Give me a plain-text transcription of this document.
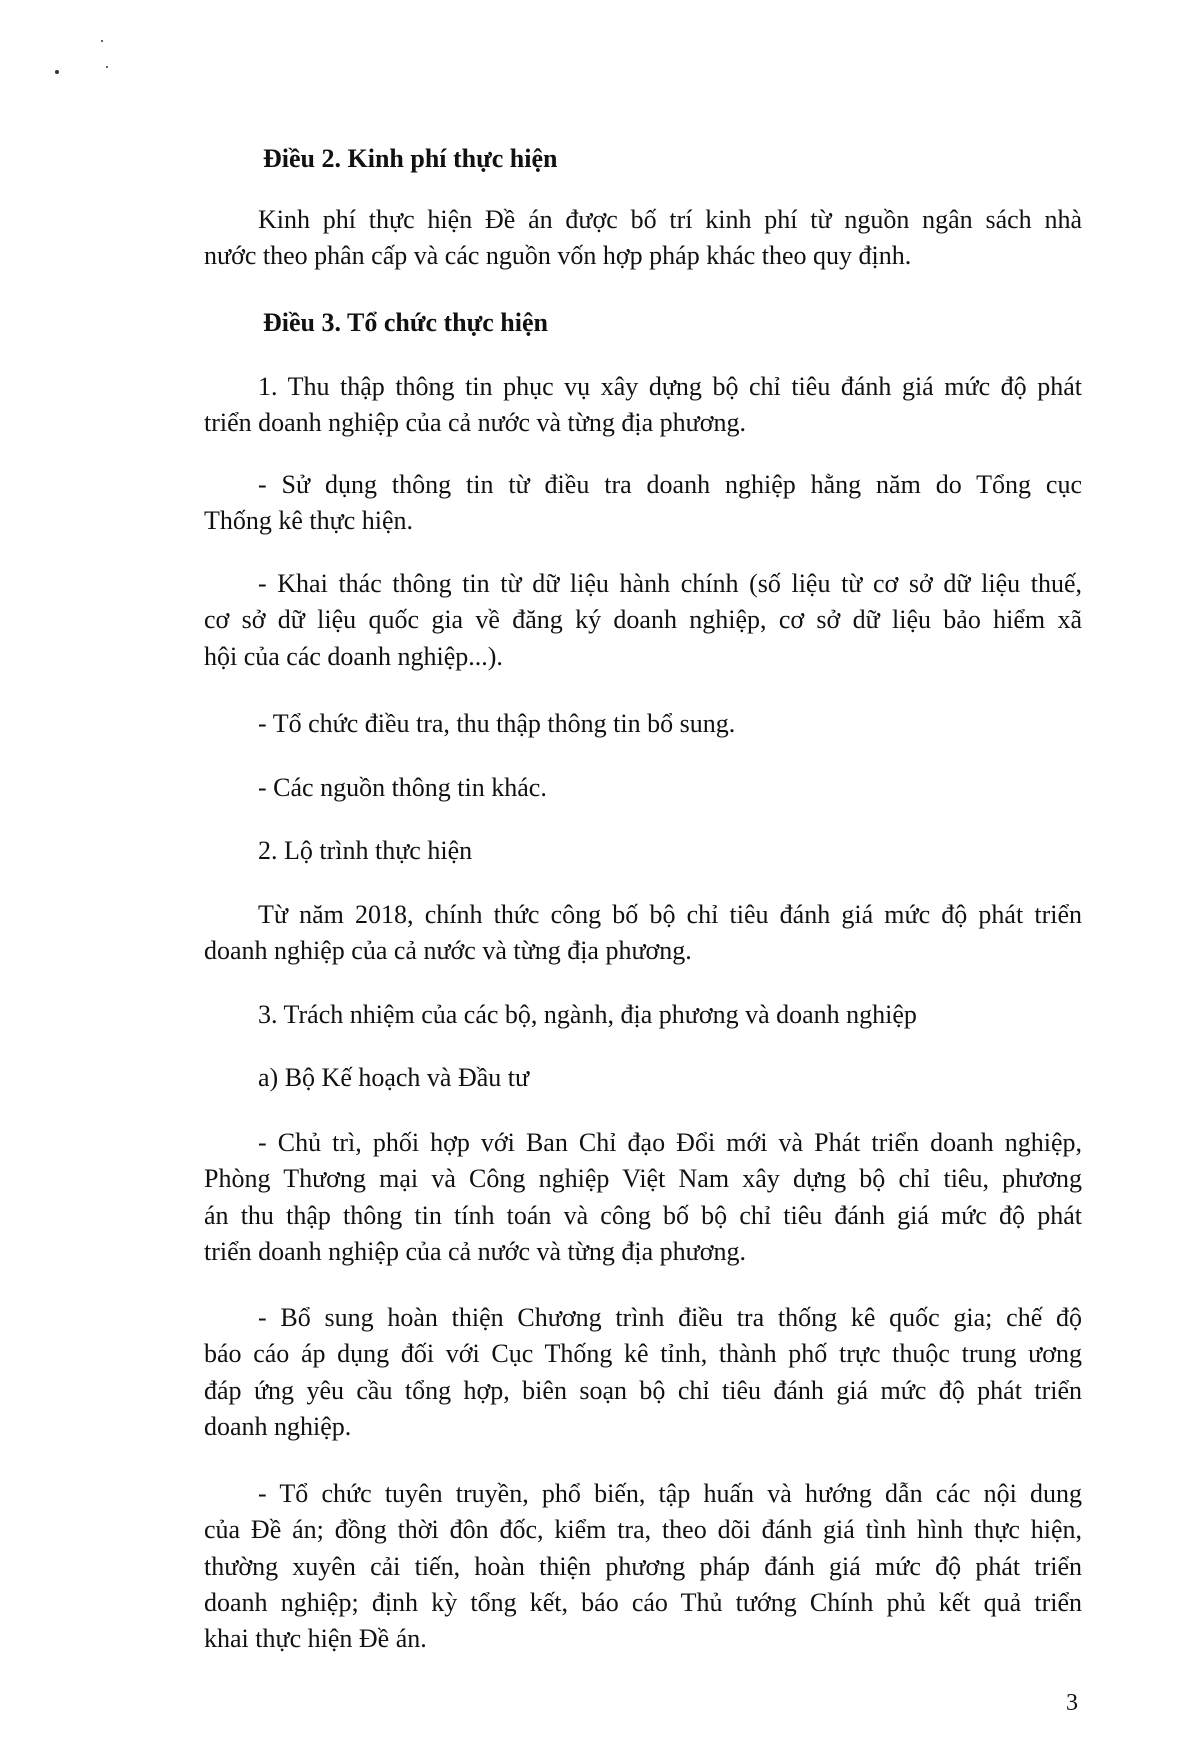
Điều 2. Kinh phí thực hiện
Kinh phí thực hiện Đề án được bố trí kinh phí từ nguồn ngân sách nhà
nước theo phân cấp và các nguồn vốn hợp pháp khác theo quy định.
Điều 3. Tổ chức thực hiện
1. Thu thập thông tin phục vụ xây dựng bộ chỉ tiêu đánh giá mức độ phát
triển doanh nghiệp của cả nước và từng địa phương.
- Sử dụng thông tin từ điều tra doanh nghiệp hằng năm do Tổng cục
Thống kê thực hiện.
- Khai thác thông tin từ dữ liệu hành chính (số liệu từ cơ sở dữ liệu thuế,
cơ sở dữ liệu quốc gia về đăng ký doanh nghiệp, cơ sở dữ liệu bảo hiểm xã
hội của các doanh nghiệp...).
- Tổ chức điều tra, thu thập thông tin bổ sung.
- Các nguồn thông tin khác.
2. Lộ trình thực hiện
Từ năm 2018, chính thức công bố bộ chỉ tiêu đánh giá mức độ phát triển
doanh nghiệp của cả nước và từng địa phương.
3. Trách nhiệm của các bộ, ngành, địa phương và doanh nghiệp
a) Bộ Kế hoạch và Đầu tư
- Chủ trì, phối hợp với Ban Chỉ đạo Đổi mới và Phát triển doanh nghiệp,
Phòng Thương mại và Công nghiệp Việt Nam xây dựng bộ chỉ tiêu, phương
án thu thập thông tin tính toán và công bố bộ chỉ tiêu đánh giá mức độ phát
triển doanh nghiệp của cả nước và từng địa phương.
- Bổ sung hoàn thiện Chương trình điều tra thống kê quốc gia; chế độ
báo cáo áp dụng đối với Cục Thống kê tỉnh, thành phố trực thuộc trung ương
đáp ứng yêu cầu tổng hợp, biên soạn bộ chỉ tiêu đánh giá mức độ phát triển
doanh nghiệp.
- Tổ chức tuyên truyền, phổ biến, tập huấn và hướng dẫn các nội dung
của Đề án; đồng thời đôn đốc, kiểm tra, theo dõi đánh giá tình hình thực hiện,
thường xuyên cải tiến, hoàn thiện phương pháp đánh giá mức độ phát triển
doanh nghiệp; định kỳ tổng kết, báo cáo Thủ tướng Chính phủ kết quả triển
khai thực hiện Đề án.
3
